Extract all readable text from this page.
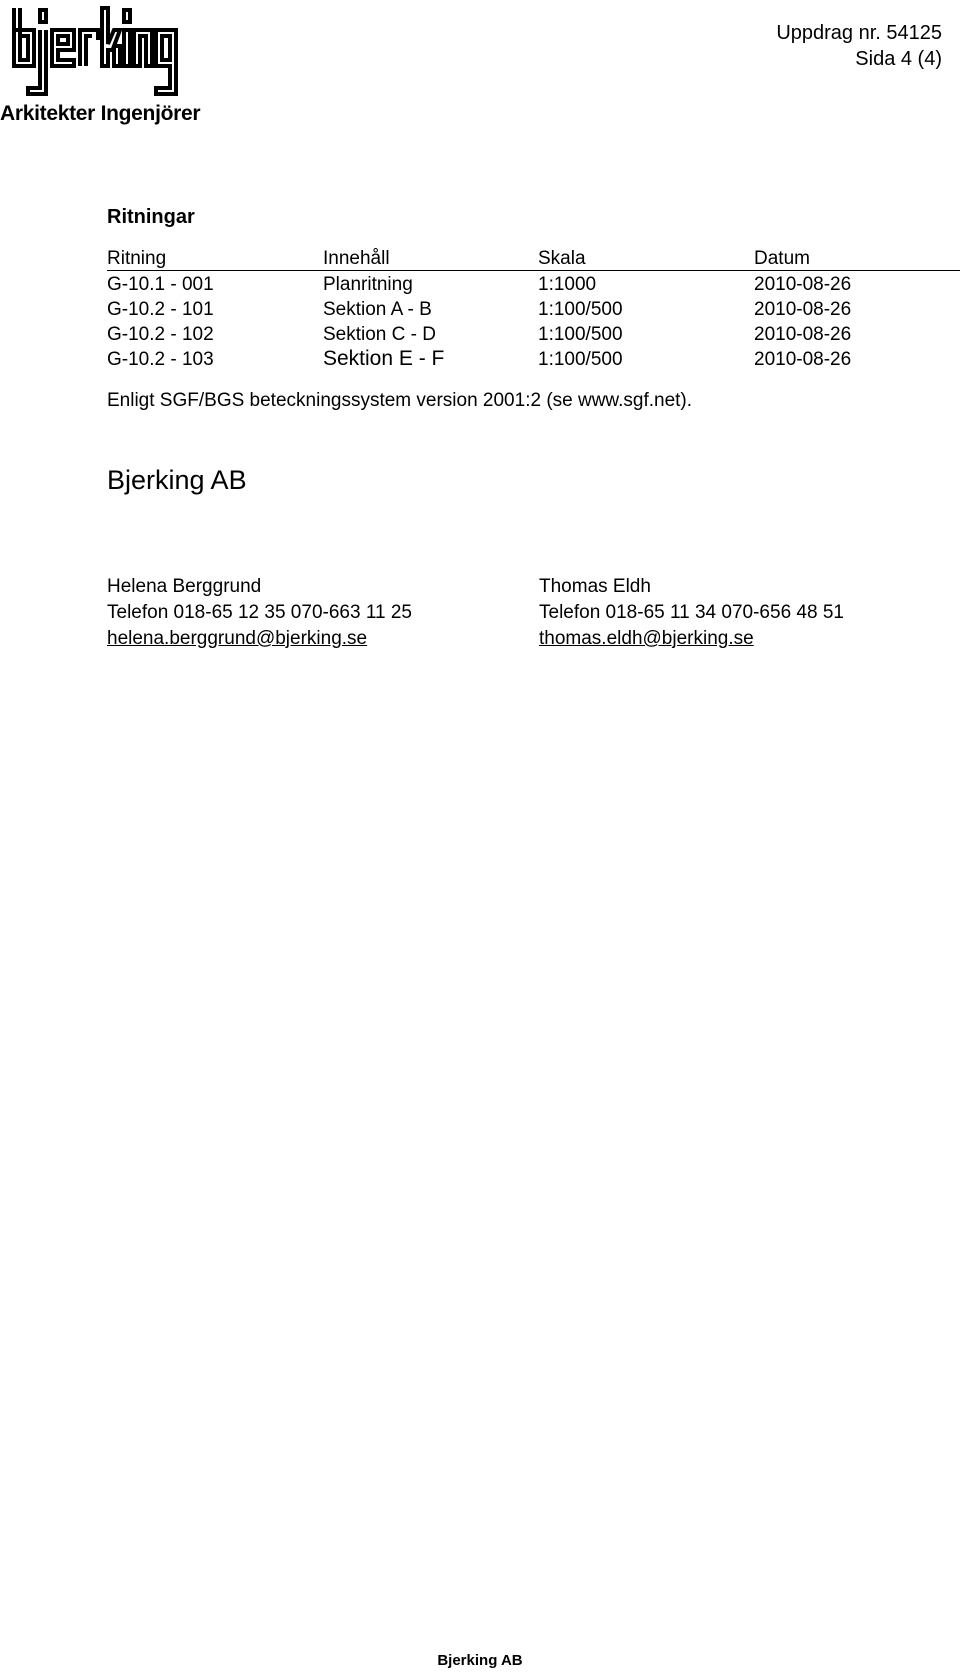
Arkitekter Ingenjörer
Uppdrag nr. 54125
Sida 4 (4)
Ritningar
Ritning	Innehåll	Skala	Datum
G-10.1 - 001	Planritning	1:1000	2010-08-26
G-10.2 - 101	Sektion A - B	1:100/500	2010-08-26
G-10.2 - 102	Sektion C - D	1:100/500	2010-08-26
G-10.2 - 103	Sektion E - F	1:100/500	2010-08-26
Enligt SGF/BGS beteckningssystem version 2001:2 (se www.sgf.net).
Bjerking AB
Helena Berggrund
Telefon 018-65 12 35 070-663 11 25
helena.berggrund@bjerking.se
Thomas Eldh
Telefon 018-65 11 34 070-656 48 51
thomas.eldh@bjerking.se
Bjerking AB
